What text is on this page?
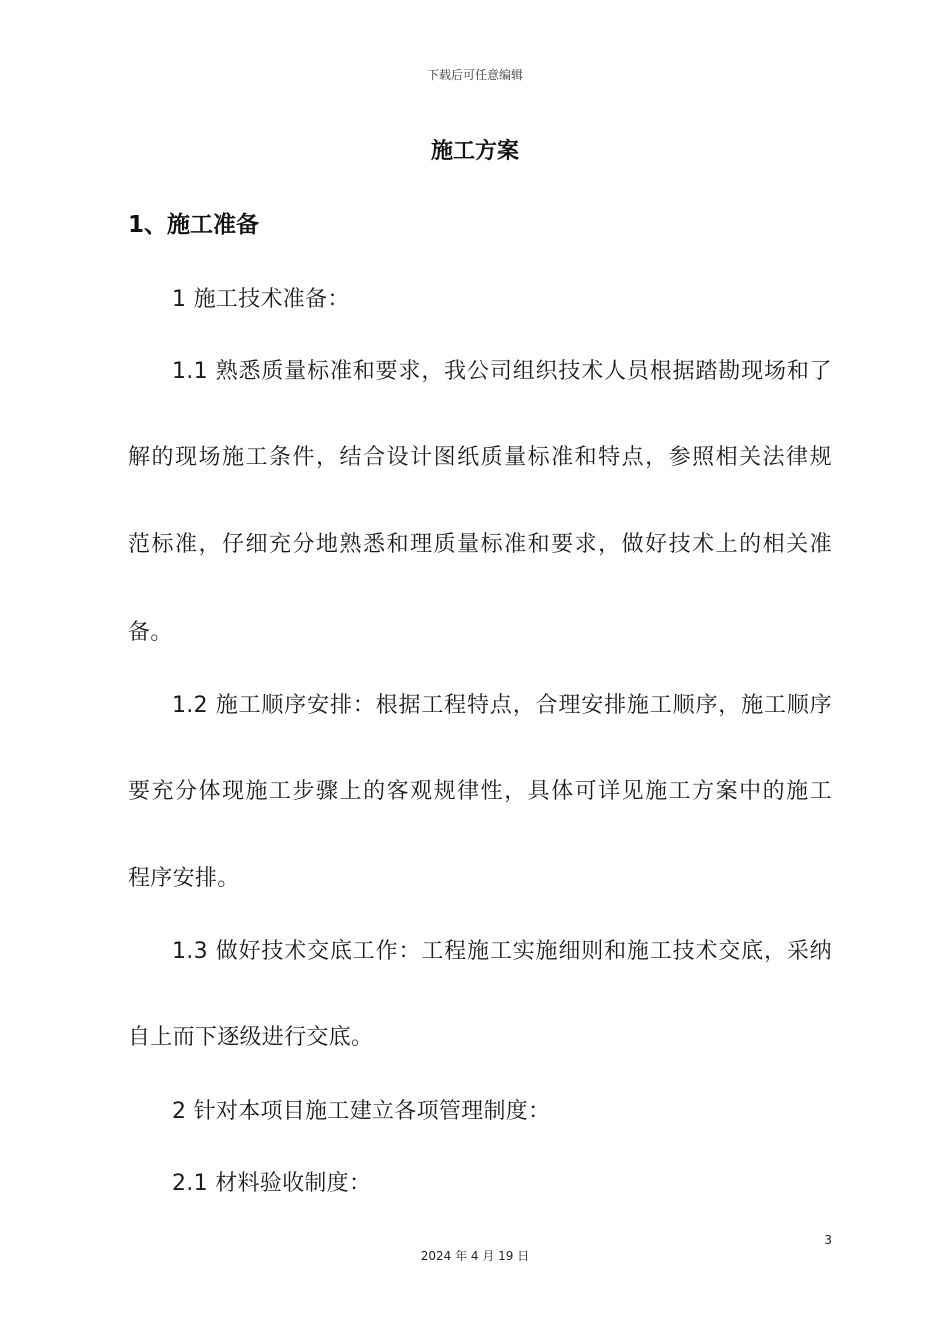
下载后可任意编辑
施工方案
1、施工准备
1 施工技术准备：
1.1 熟悉质量标准和要求，我公司组织技术人员根据踏勘现场和了
解的现场施工条件，结合设计图纸质量标准和特点，参照相关法律规
范标准，仔细充分地熟悉和理质量标准和要求，做好技术上的相关准
备。
1.2 施工顺序安排：根据工程特点，合理安排施工顺序，施工顺序
要充分体现施工步骤上的客观规律性，具体可详见施工方案中的施工
程序安排。
1.3 做好技术交底工作：工程施工实施细则和施工技术交底，采纳
自上而下逐级进行交底。
2 针对本项目施工建立各项管理制度：
2.1 材料验收制度：
3
2024 年 4 月 19 日
